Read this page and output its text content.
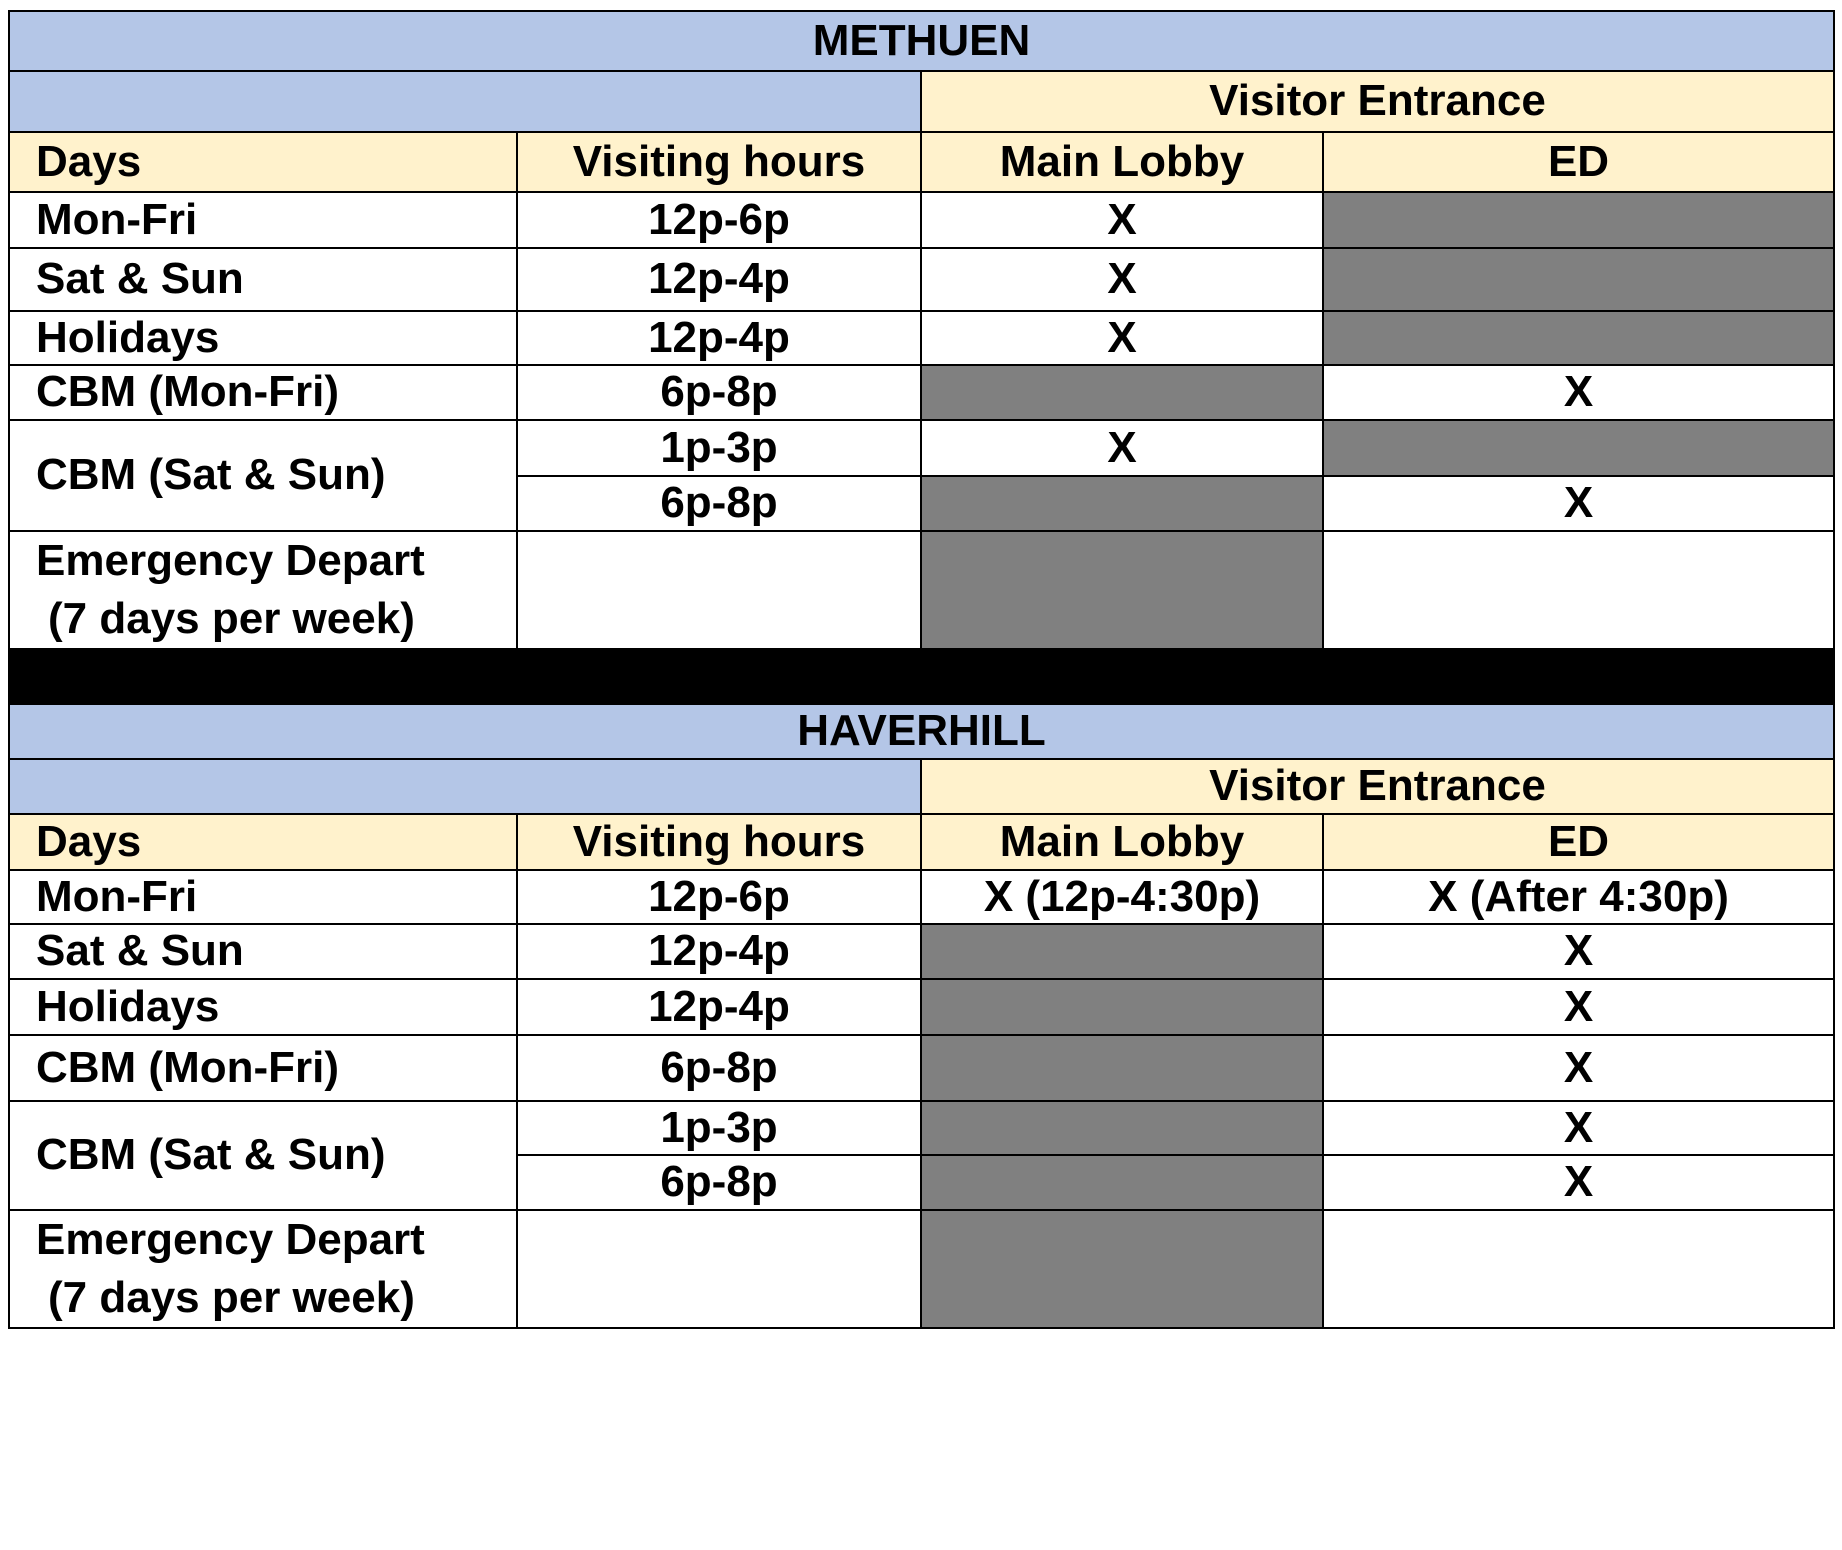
METHUEN			
		Visitor Entrance	
Days	Visiting hours	Main Lobby	ED
Mon-Fri	12p-6p	X	
Sat & Sun	12p-4p	X	
Holidays	12p-4p	X	
CBM (Mon-Fri)	6p-8p		X
CBM (Sat & Sun)	1p-3p	X	
	6p-8p		X
Emergency Depart
(7 days per week)			

HAVERHILL			
		Visitor Entrance	
Days	Visiting hours	Main Lobby	ED
Mon-Fri	12p-6p	X (12p-4:30p)	X (After 4:30p)
Sat & Sun	12p-4p		X
Holidays	12p-4p		X
CBM (Mon-Fri)	6p-8p		X
CBM (Sat & Sun)	1p-3p		X
	6p-8p		X
Emergency Depart
(7 days per week)			
